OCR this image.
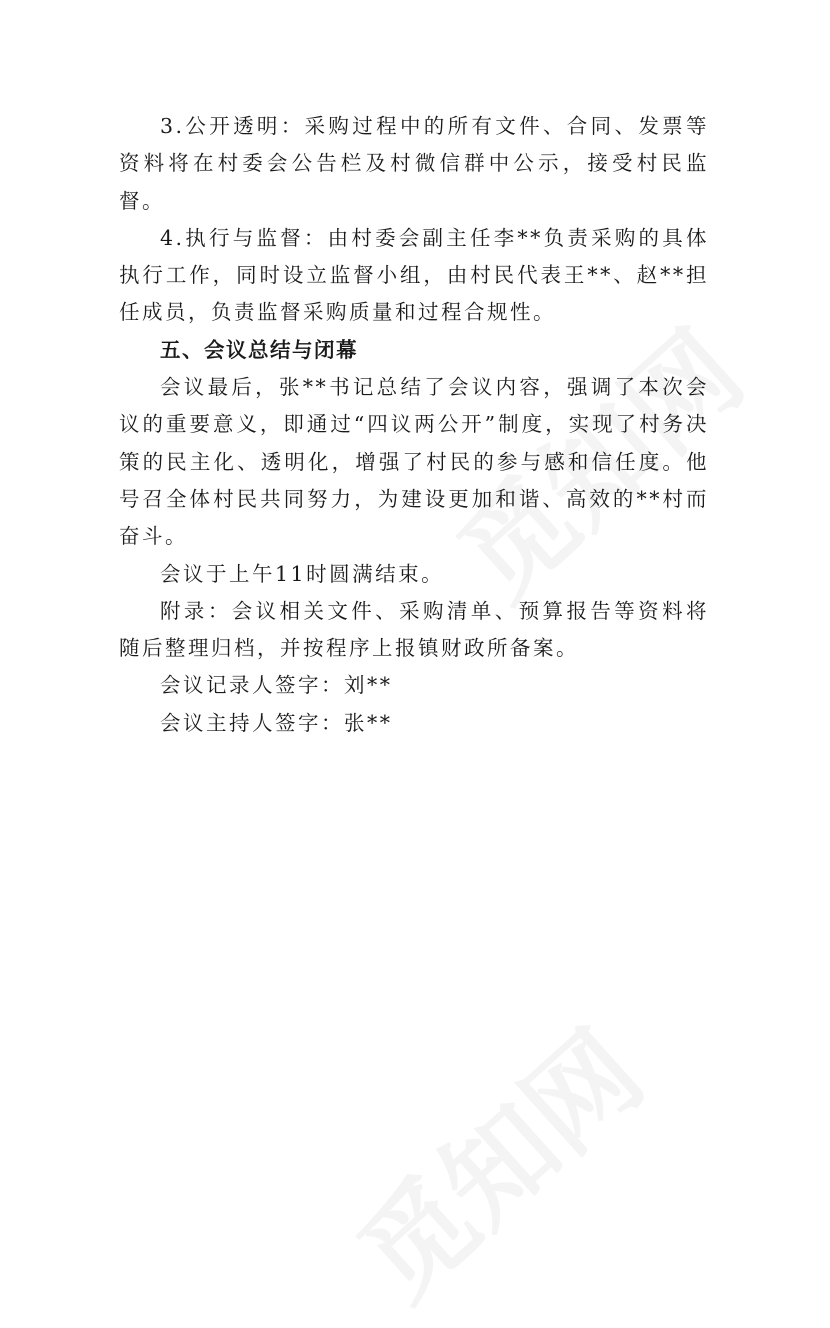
3.公开透明：采购过程中的所有文件、合同、发票等资料将在村委会公告栏及村微信群中公示，接受村民监督。

4.执行与监督：由村委会副主任李**负责采购的具体执行工作，同时设立监督小组，由村民代表王**、赵**担任成员，负责监督采购质量和过程合规性。

五、会议总结与闭幕

会议最后，张**书记总结了会议内容，强调了本次会议的重要意义，即通过“四议两公开”制度，实现了村务决策的民主化、透明化，增强了村民的参与感和信任度。他号召全体村民共同努力，为建设更加和谐、高效的**村而奋斗。

会议于上午11时圆满结束。

附录：会议相关文件、采购清单、预算报告等资料将随后整理归档，并按程序上报镇财政所备案。

会议记录人签字：刘**

会议主持人签字：张**
